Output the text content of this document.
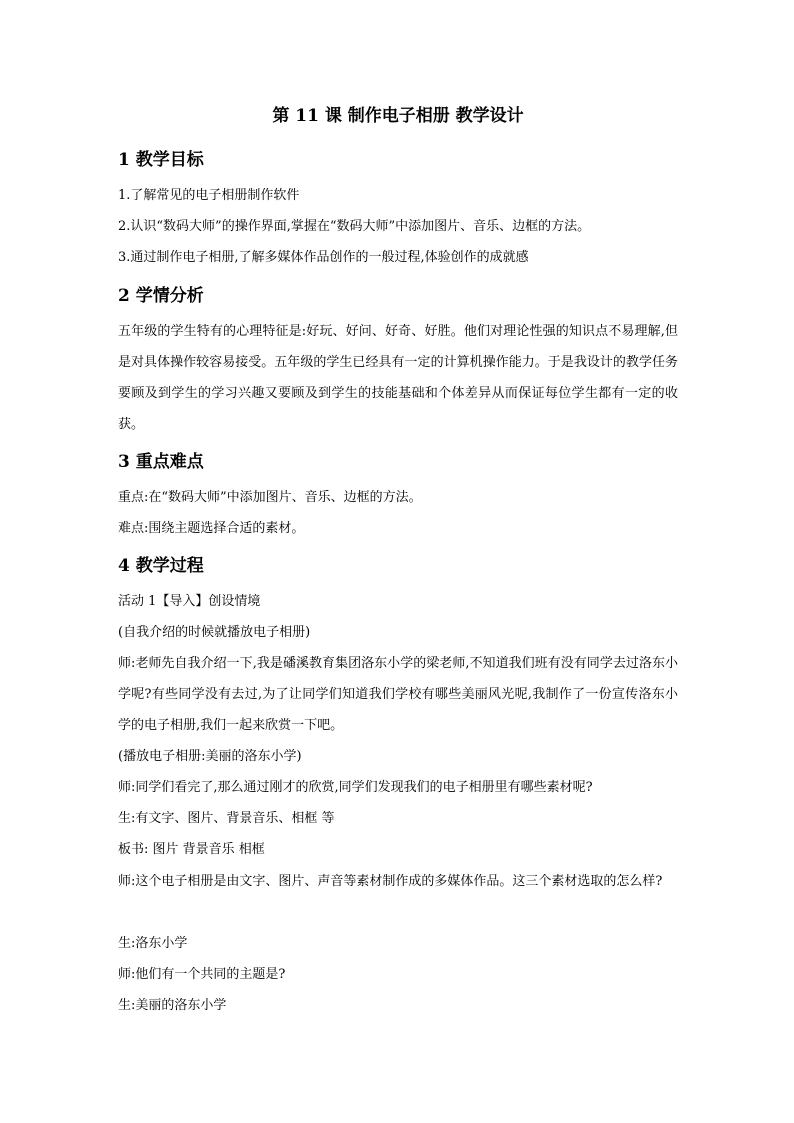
第 11 课 制作电子相册 教学设计
1 教学目标
1.了解常见的电子相册制作软件
2.认识“数码大师”的操作界面,掌握在“数码大师”中添加图片、音乐、边框的方法。
3.通过制作电子相册,了解多媒体作品创作的一般过程,体验创作的成就感
2 学情分析
五年级的学生特有的心理特征是:好玩、好问、好奇、好胜。他们对理论性强的知识点不易理解,但是对具体操作较容易接受。五年级的学生已经具有一定的计算机操作能力。于是我设计的教学任务要顾及到学生的学习兴趣又要顾及到学生的技能基础和个体差异从而保证每位学生都有一定的收获。
3 重点难点
重点:在“数码大师”中添加图片、音乐、边框的方法。
难点:围绕主题选择合适的素材。
4 教学过程
活动 1【导入】创设情境
(自我介绍的时候就播放电子相册)
师:老师先自我介绍一下,我是磻溪教育集团洛东小学的梁老师,不知道我们班有没有同学去过洛东小学呢?有些同学没有去过,为了让同学们知道我们学校有哪些美丽风光呢,我制作了一份宣传洛东小学的电子相册,我们一起来欣赏一下吧。
(播放电子相册:美丽的洛东小学)
师:同学们看完了,那么通过刚才的欣赏,同学们发现我们的电子相册里有哪些素材呢?
生:有文字、图片、背景音乐、相框 等
板书: 图片 背景音乐 相框
师:这个电子相册是由文字、图片、声音等素材制作成的多媒体作品。这三个素材选取的怎么样?
生:洛东小学
师:他们有一个共同的主题是?
生:美丽的洛东小学
